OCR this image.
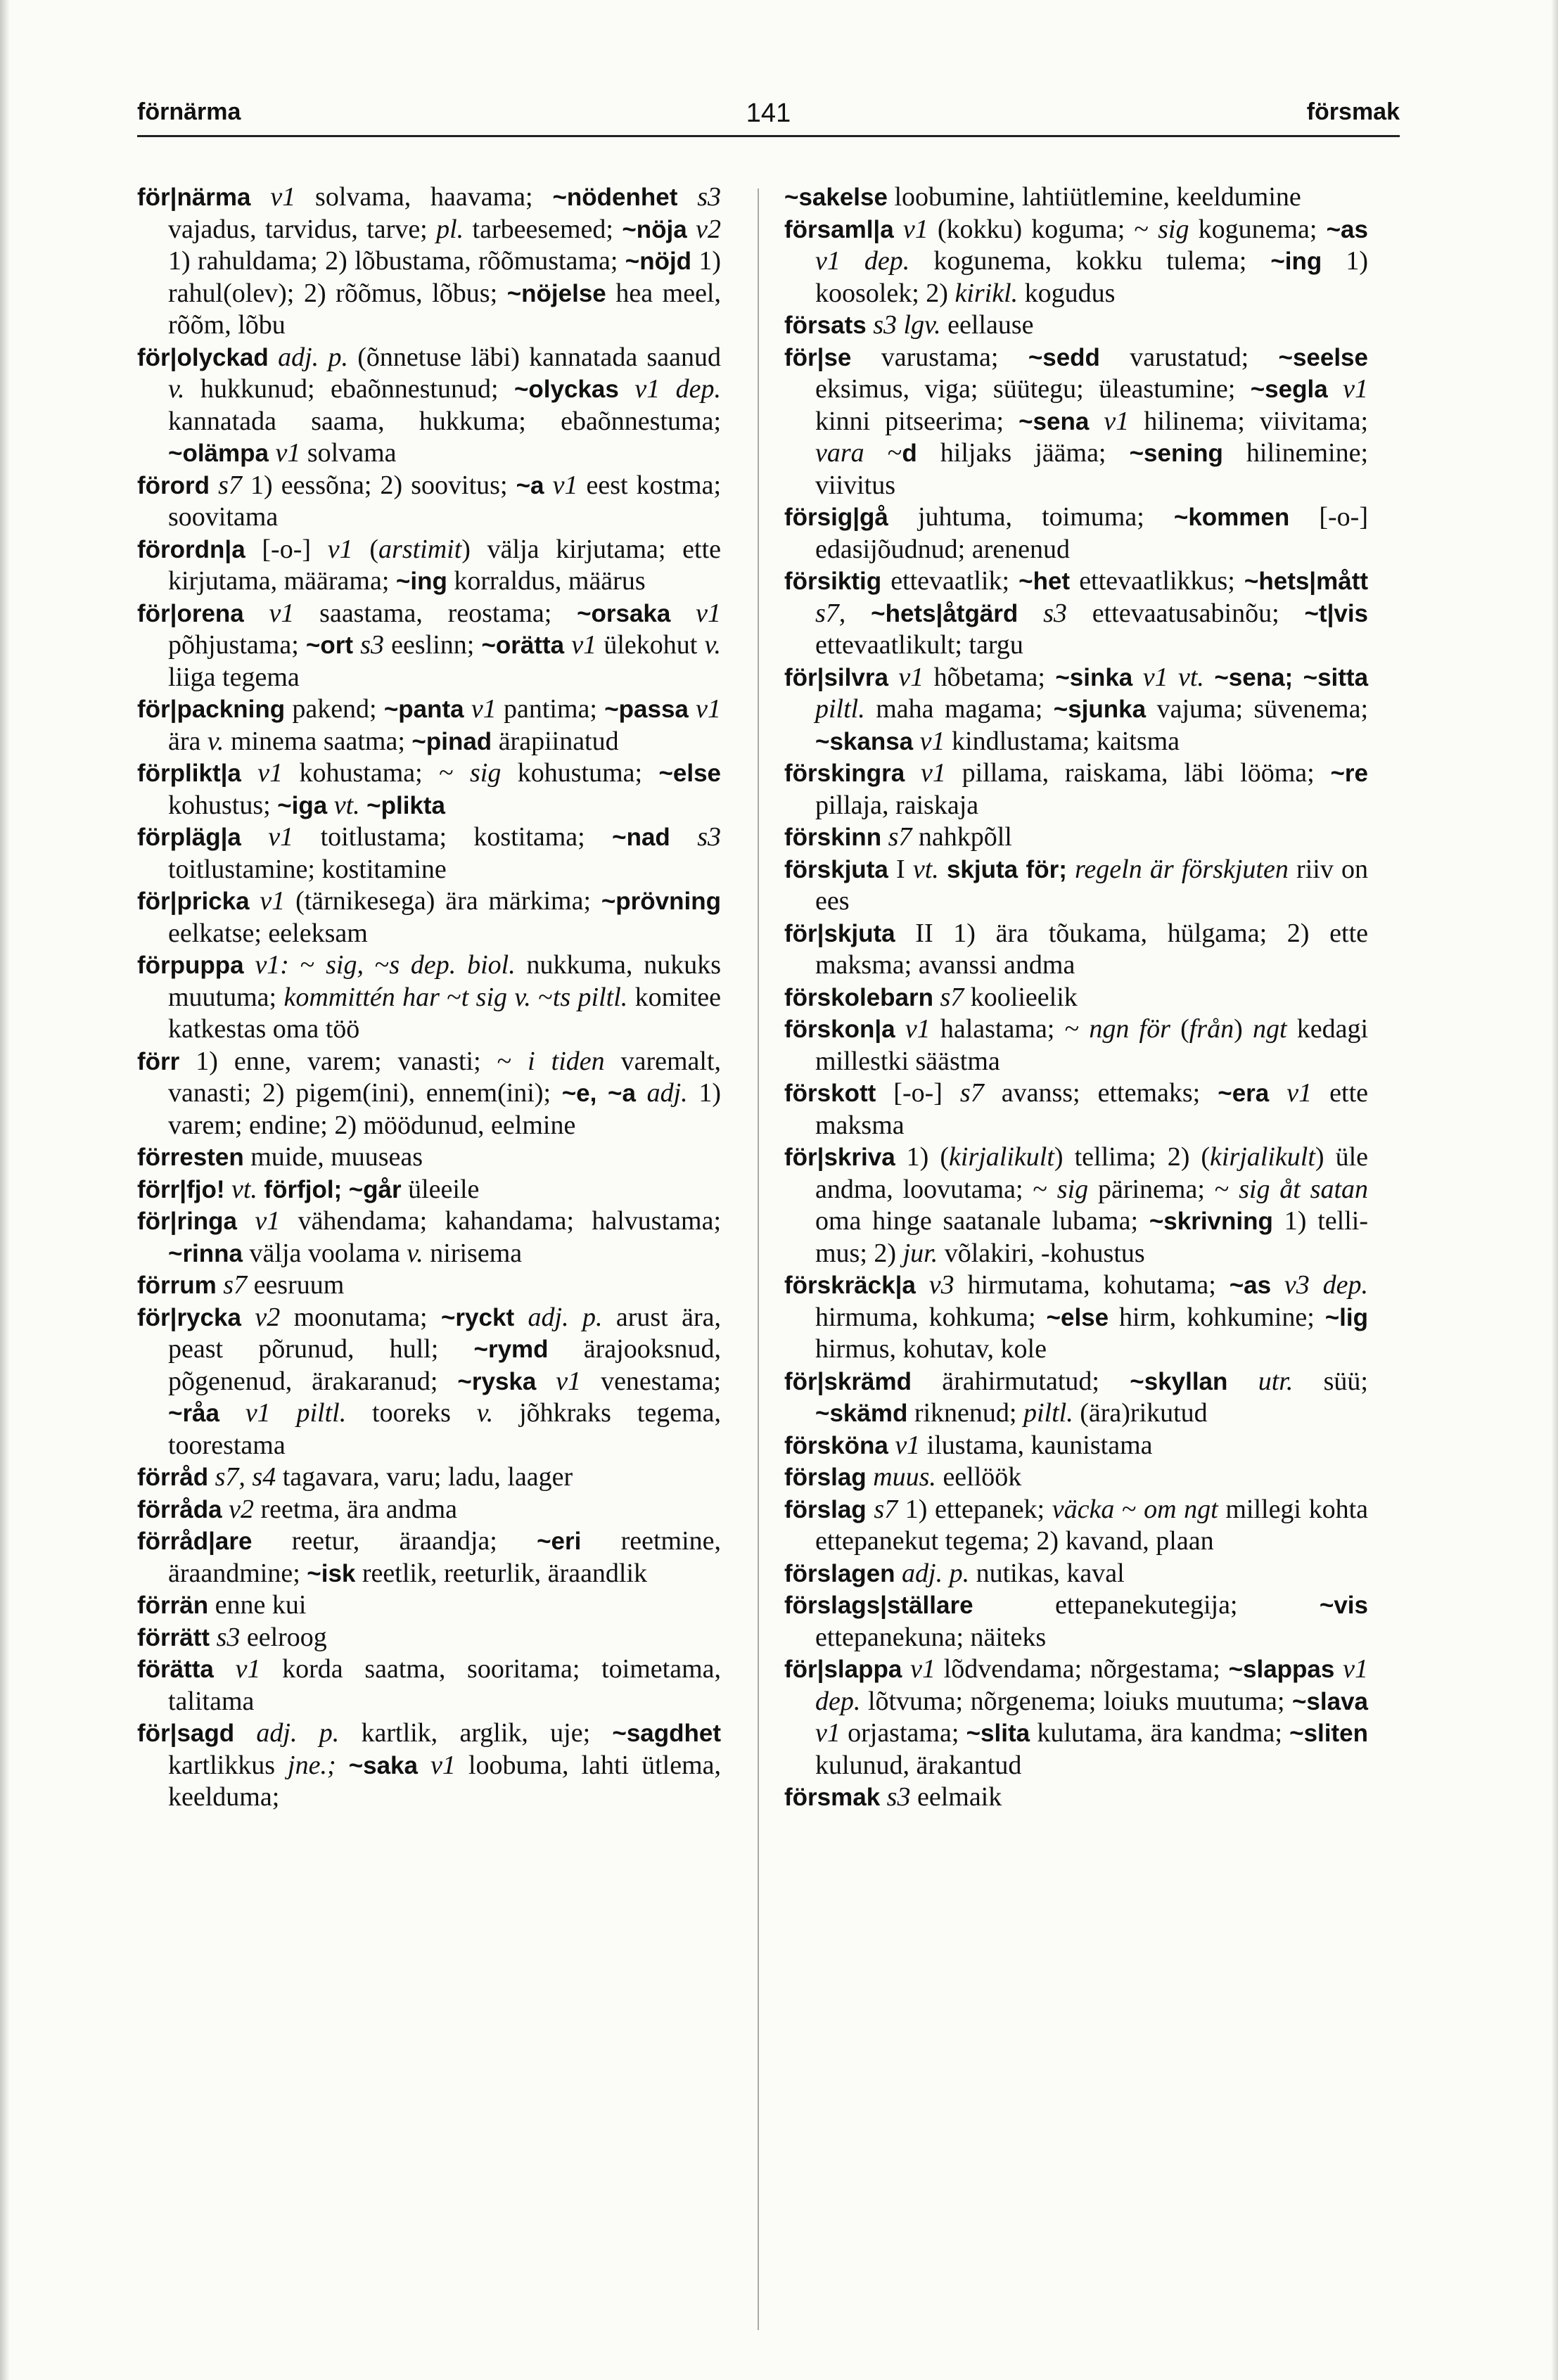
förnärma	141	försmak

för|närma v1 solvama, haavama; ~nödenhet s3 vajadus, tarvidus, tarve; pl. tarbeesemed; ~nöja v2 1) rahuldama; 2) lõbustama, rõõmustama; ~nöjd 1) rahul(olev); 2) rõõmus, lõbus; ~nöjelse hea meel, rõõm, lõbu

för|olyckad adj. p. (õnnetuse läbi) kannatada saanud v. hukkunud; ebaõnnestunud; ~olyckas v1 dep. kannatada saama, hukkuma; ebaõnnestuma; ~olämpa v1 solvama

förord s7 1) eessõna; 2) soovitus; ~a v1 eest kostma; soovitama

förordn|a [-o-] v1 (arstimit) välja kirjutama; ette kirjutama, määrama; ~ing korraldus, määrus

för|orena v1 saastama, reostama; ~orsaka v1 põhjustama; ~ort s3 eeslinn; ~orätta v1 ülekohut v. liiga tegema

för|packning pakend; ~panta v1 pantima; ~passa v1 ära v. minema saatma; ~pinad ärapiinatud

förplikt|a v1 kohustama; ~ sig kohustuma; ~else kohustus; ~iga vt. ~plikta

förpläg|a v1 toitlustama; kostitama; ~nad s3 toitlustamine; kostitamine

för|pricka v1 (tärnikesega) ära märkima; ~prövning eelkatse; eeleksam

förpuppa v1: ~ sig, ~s dep. biol. nukkuma, nukuks muutuma; kommittén har ~t sig v. ~ts piltl. komitee katkestas oma töö

förr 1) enne, varem; vanasti; ~ i tiden varemalt, vanasti; 2) pigem(ini), ennem(ini); ~e, ~a adj. 1) varem; endine; 2) möödunud, eelmine

förresten muide, muuseas

förr|fjo! vt. förfjol; ~går üleeile

för|ringa v1 vähendama; kahandama; halvustama; ~rinna välja voolama v. nirisema

förrum s7 eesruum

för|rycka v2 moonutama; ~ryckt adj. p. arust ära, peast põrunud, hull; ~rymd ärajooksnud, põgenenud, ärakaranud; ~ryska v1 venestama; ~råa v1 piltl. tooreks v. jõhkraks tegema, toorestama

förråd s7, s4 tagavara, varu; ladu, laager

förråda v2 reetma, ära andma

förråd|are reetur, äraandja; ~eri reetmine, äraandmine; ~isk reetlik, reeturlik, äraandlik

förrän enne kui

förrätt s3 eelroog

förätta v1 korda saatma, sooritama; toimetama, talitama

för|sagd adj. p. kartlik, arglik, uje; ~sagdhet kartlikkus jne.; ~saka v1 loobuma, lahti ütlema, keelduma;

~sakelse loobumine, lahtiütlemine, keeldumine

församl|a v1 (kokku) koguma; ~ sig kogunema; ~as v1 dep. kogunema, kokku tulema; ~ing 1) koosolek; 2) kirikl. kogudus

försats s3 lgv. eellause

för|se varustama; ~sedd varustatud; ~seelse eksimus, viga; süütegu; üleastumine; ~segla v1 kinni pitseerima; ~sena v1 hilinema; viivitama; vara ~d hiljaks jääma; ~sening hilinemine; viivitus

försig|gå juhtuma, toimuma; ~kommen [-o-] edasijõudnud; arenenud

försiktig ettevaatlik; ~het ettevaatlikkus; ~hets|mått s7, ~hets|åtgärd s3 ettevaatusabinõu; ~t|vis ettevaatlikult; targu

för|silvra v1 hõbetama; ~sinka v1 vt. ~sena; ~sitta piltl. maha magama; ~sjunka vajuma; süvenema; ~skansa v1 kindlustama; kaitsma

förskingra v1 pillama, raiskama, läbi lööma; ~re pillaja, raiskaja

förskinn s7 nahkpõll

förskjuta I vt. skjuta för; regeln är förskjuten riiv on ees

för|skjuta II 1) ära tõukama, hülgama; 2) ette maksma; avanssi andma

förskolebarn s7 koolieelik

förskon|a v1 halastama; ~ ngn för (från) ngt kedagi millestki säästma

förskott [-o-] s7 avanss; ettemaks; ~era v1 ette maksma

för|skriva 1) (kirjalikult) tellima; 2) (kirjalikult) üle andma, loovutama; ~ sig pärinema; ~ sig åt satan oma hinge saatanale lubama; ~skrivning 1) tellimus; 2) jur. võlakiri, -kohustus

förskräck|a v3 hirmutama, kohutama; ~as v3 dep. hirmuma, kohkuma; ~else hirm, kohkumine; ~lig hirmus, kohutav, kole

för|skrämd ärahirmutatud; ~skyllan utr. süü; ~skämd riknenud; piltl. (ära)rikutud

försköna v1 ilustama, kaunistama

förslag muus. eellöök

förslag s7 1) ettepanek; väcka ~ om ngt millegi kohta ettepanekut tegema; 2) kavand, plaan

förslagen adj. p. nutikas, kaval

förslags|ställare ettepanekutegija; ~vis ettepanekuna; näiteks

för|slappa v1 lõdvendama; nõrgestama; ~slappas v1 dep. lõtvuma; nõrgenema; loiuks muutuma; ~slava v1 orjastama; ~slita kulutama, ära kandma; ~sliten kulunud, ärakantud

försmak s3 eelmaik
